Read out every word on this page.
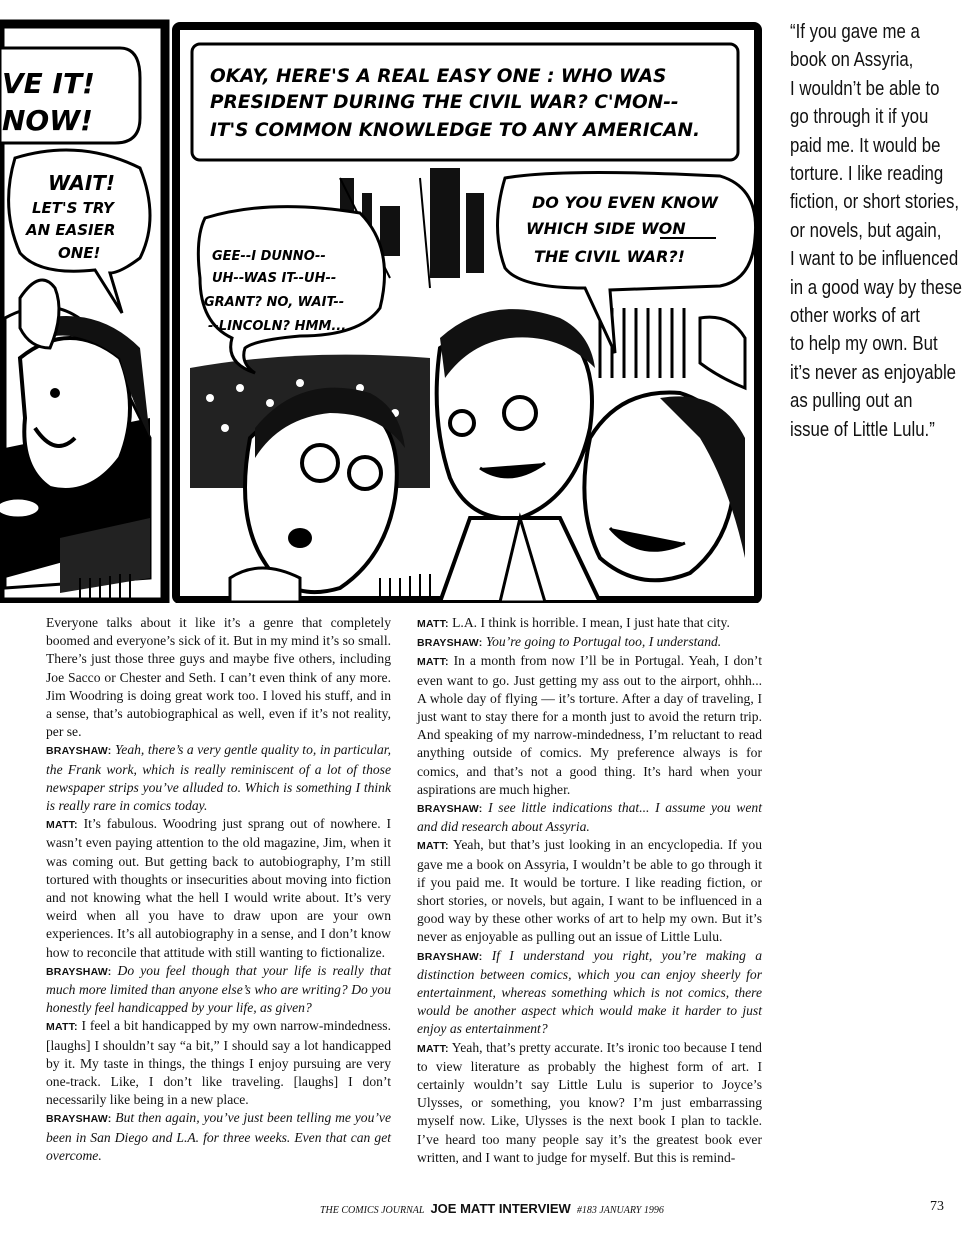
VE IT!
NOW!
WAIT!
LET'S TRY
AN EASIER
ONE!
OKAY, HERE'S A REAL EASY ONE : WHO WAS
PRESIDENT DURING THE CIVIL WAR? C'MON--
IT'S COMMON KNOWLEDGE TO ANY AMERICAN.
GEE--I DUNNO--
UH--WAS IT--UH--
GRANT? NO, WAIT--
--LINCOLN? HMM...
DO YOU EVEN KNOW
WHICH SIDE WON
THE CIVIL WAR?!

“If you gave me a

book on Assyria,

I wouldn’t be able to

go through it if you

paid me. It would be

torture. I like reading

fiction, or short stories,

or novels, but again,

I want to be influenced

in a good way by these

other works of art

to help my own. But

it’s never as enjoyable

as pulling out an

issue of Little Lulu.”

Everyone talks about it like it’s a genre that completely boomed and everyone’s sick of it. But in my mind it’s so small. There’s just those three guys and maybe five others, including Joe Sacco or Chester and Seth. I can’t even think of any more. Jim Woodring is doing great work too. I loved his stuff, and in a sense, that’s autobiographical as well, even if it’s not reality, per se.

BRAYSHAW: Yeah, there’s a very gentle quality to, in particular, the Frank work, which is really reminiscent of a lot of those newspaper strips you’ve alluded to. Which is something I think is really rare in comics today.

MATT: It’s fabulous. Woodring just sprang out of nowhere. I wasn’t even paying attention to the old magazine, Jim, when it was coming out. But getting back to autobiography, I’m still tortured with thoughts or insecurities about moving into fiction and not knowing what the hell I would write about. It’s very weird when all you have to draw upon are your own experiences. It’s all autobiography in a sense, and I don’t know how to reconcile that attitude with still wanting to fictionalize.

BRAYSHAW: Do you feel though that your life is really that much more limited than anyone else’s who are writing? Do you honestly feel handicapped by your life, as given?

MATT: I feel a bit handicapped by my own narrow-mindedness. [laughs] I shouldn’t say “a bit,” I should say a lot handicapped by it. My taste in things, the things I enjoy pursuing are very one-track. Like, I don’t like traveling. [laughs] I don’t necessarily like being in a new place.

BRAYSHAW: But then again, you’ve just been telling me you’ve been in San Diego and L.A. for three weeks. Even that can get overcome.

MATT: L.A. I think is horrible. I mean, I just hate that city.

BRAYSHAW: You’re going to Portugal too, I understand.

MATT: In a month from now I’ll be in Portugal. Yeah, I don’t even want to go. Just getting my ass out to the airport, ohhh... A whole day of flying — it’s torture. After a day of traveling, I just want to stay there for a month just to avoid the return trip. And speaking of my narrow-mindedness, I’m reluctant to read anything outside of comics. My preference always is for comics, and that’s not a good thing. It’s hard when your aspirations are much higher.

BRAYSHAW: I see little indications that... I assume you went and did research about Assyria.

MATT: Yeah, but that’s just looking in an encyclopedia. If you gave me a book on Assyria, I wouldn’t be able to go through it if you paid me. It would be torture. I like reading fiction, or short stories, or novels, but again, I want to be influenced in a good way by these other works of art to help my own. But it’s never as enjoyable as pulling out an issue of Little Lulu.

BRAYSHAW: If I understand you right, you’re making a distinction between comics, which you can enjoy sheerly for entertainment, whereas something which is not comics, there would be another aspect which would make it harder to just enjoy as entertainment?

MATT: Yeah, that’s pretty accurate. It’s ironic too because I tend to view literature as probably the highest form of art. I certainly wouldn’t say Little Lulu is superior to Joyce’s Ulysses, or something, you know? I’m just embarrassing myself now. Like, Ulysses is the next book I plan to tackle. I’ve heard too many people say it’s the greatest book ever written, and I want to judge for myself. But this is remind-

THE COMICS JOURNAL JOE MATT INTERVIEW #183 JANUARY 1996	73
